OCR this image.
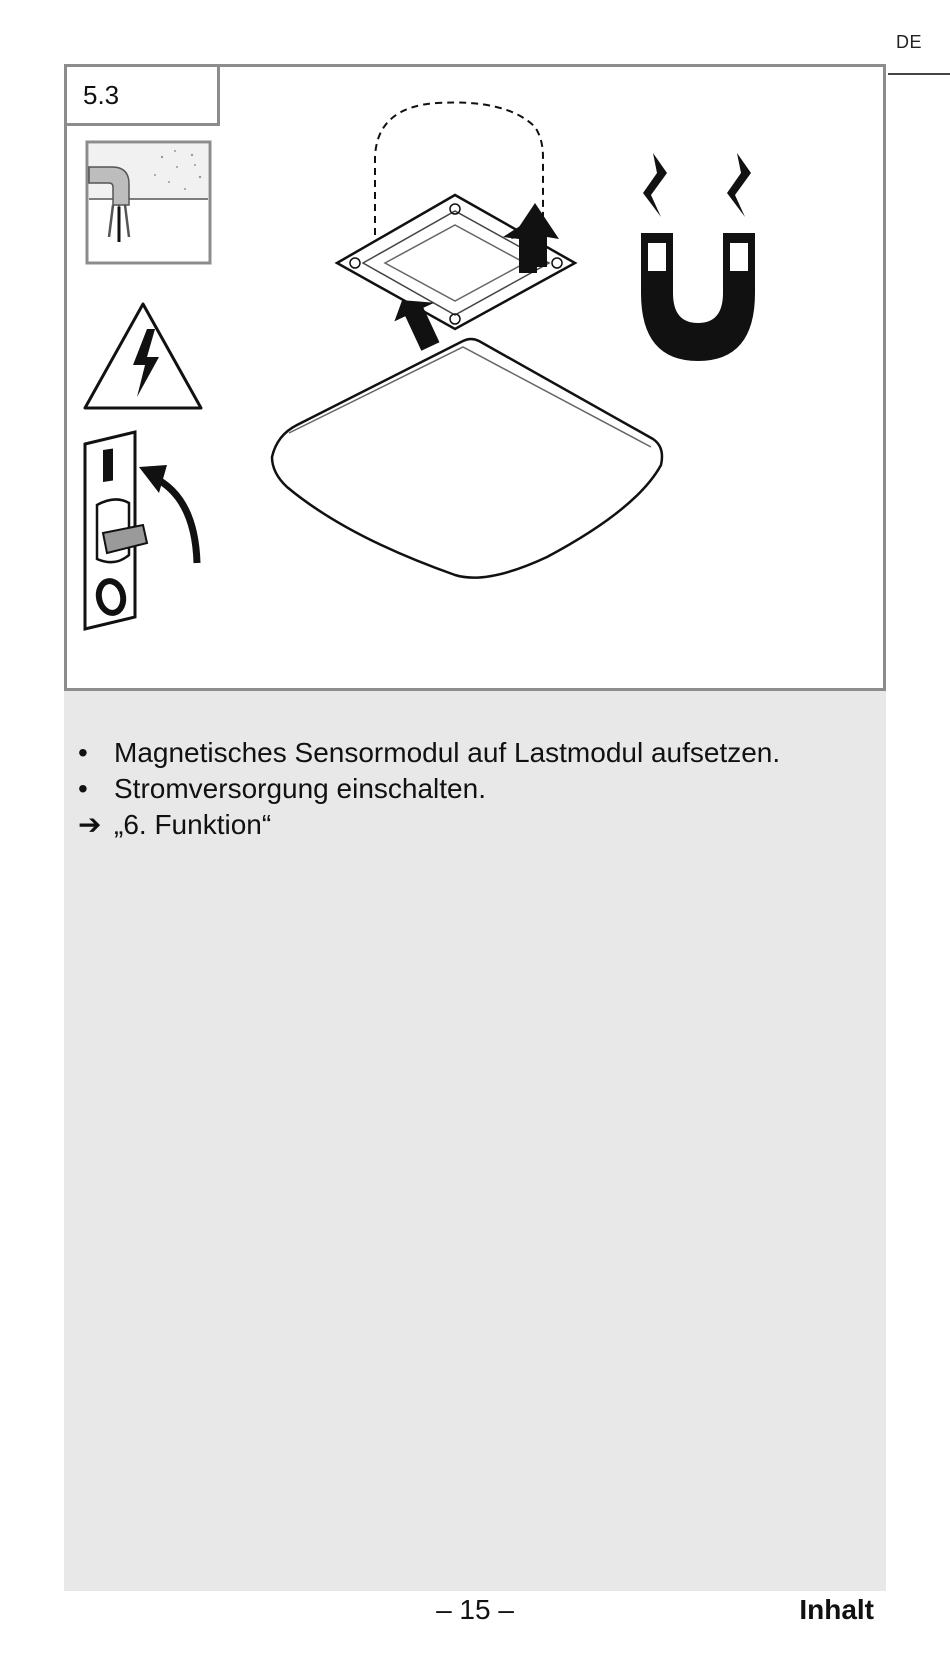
DE
5.3
• Magnetisches Sensormodul auf Lastmodul aufsetzen.
• Stromversorgung einschalten.
➔ „6. Funktion“
– 15 –	Inhalt
